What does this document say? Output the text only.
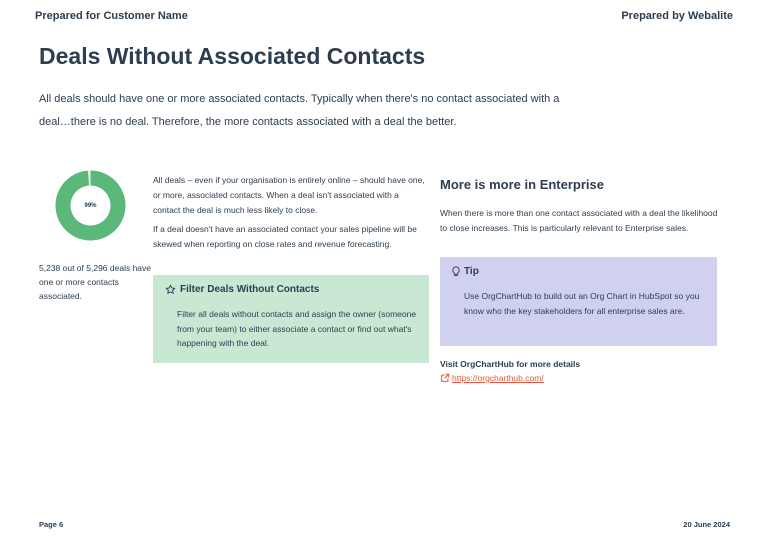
Prepared for Customer Name	Prepared by Webalite
Deals Without Associated Contacts

All deals should have one or more associated contacts. Typically when there's no contact associated with a deal…there is no deal. Therefore, the more contacts associated with a deal the better.

99%

5,238 out of 5,296 deals have one or more contacts associated.

All deals – even if your organisation is entirely online – should have one, or more, associated contacts. When a deal isn't associated with a contact the deal is much less likely to close.

If a deal doesn't have an associated contact your sales pipeline will be skewed when reporting on close rates and revenue forecasting.

Filter Deals Without Contacts

Filter all deals without contacts and assign the owner (someone from your team) to either associate a contact or find out what's happening with the deal.

More is more in Enterprise

When there is more than one contact associated with a deal the likelihood to close increases. This is particularly relevant to Enterprise sales.

Tip

Use OrgChartHub to build out an Org Chart in HubSpot so you know who the key stakeholders for all enterprise sales are.

Visit OrgChartHub for more details
https://orgcharthub.com/
Page 6	20 June 2024
